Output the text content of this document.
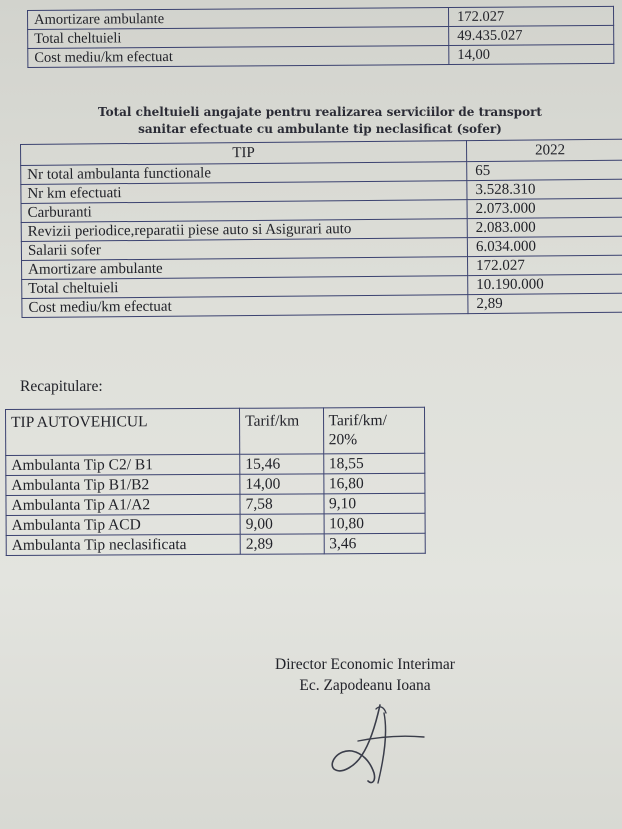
Amortizare ambulante	172.027
Total cheltuieli	49.435.027
Cost mediu/km efectuat	14,00
Total cheltuieli angajate pentru realizarea serviciilor de transport
sanitar efectuate cu ambulante tip neclasificat (sofer)
TIP	2022
Nr total ambulanta functionale	65
Nr km efectuati	3.528.310
Carburanti	2.073.000
Revizii periodice,reparatii piese auto si Asigurari auto	2.083.000
Salarii sofer	6.034.000
Amortizare ambulante	172.027
Total cheltuieli	10.190.000
Cost mediu/km efectuat	2,89
Recapitulare:
TIP AUTOVEHICUL	Tarif/km	Tarif/km/
20%
Ambulanta Tip C2/ B1	15,46	18,55
Ambulanta Tip B1/B2	14,00	16,80
Ambulanta Tip A1/A2	7,58	9,10
Ambulanta Tip ACD	9,00	10,80
Ambulanta Tip neclasificata	2,89	3,46
Director Economic Interimar
Ec. Zapodeanu Ioana
